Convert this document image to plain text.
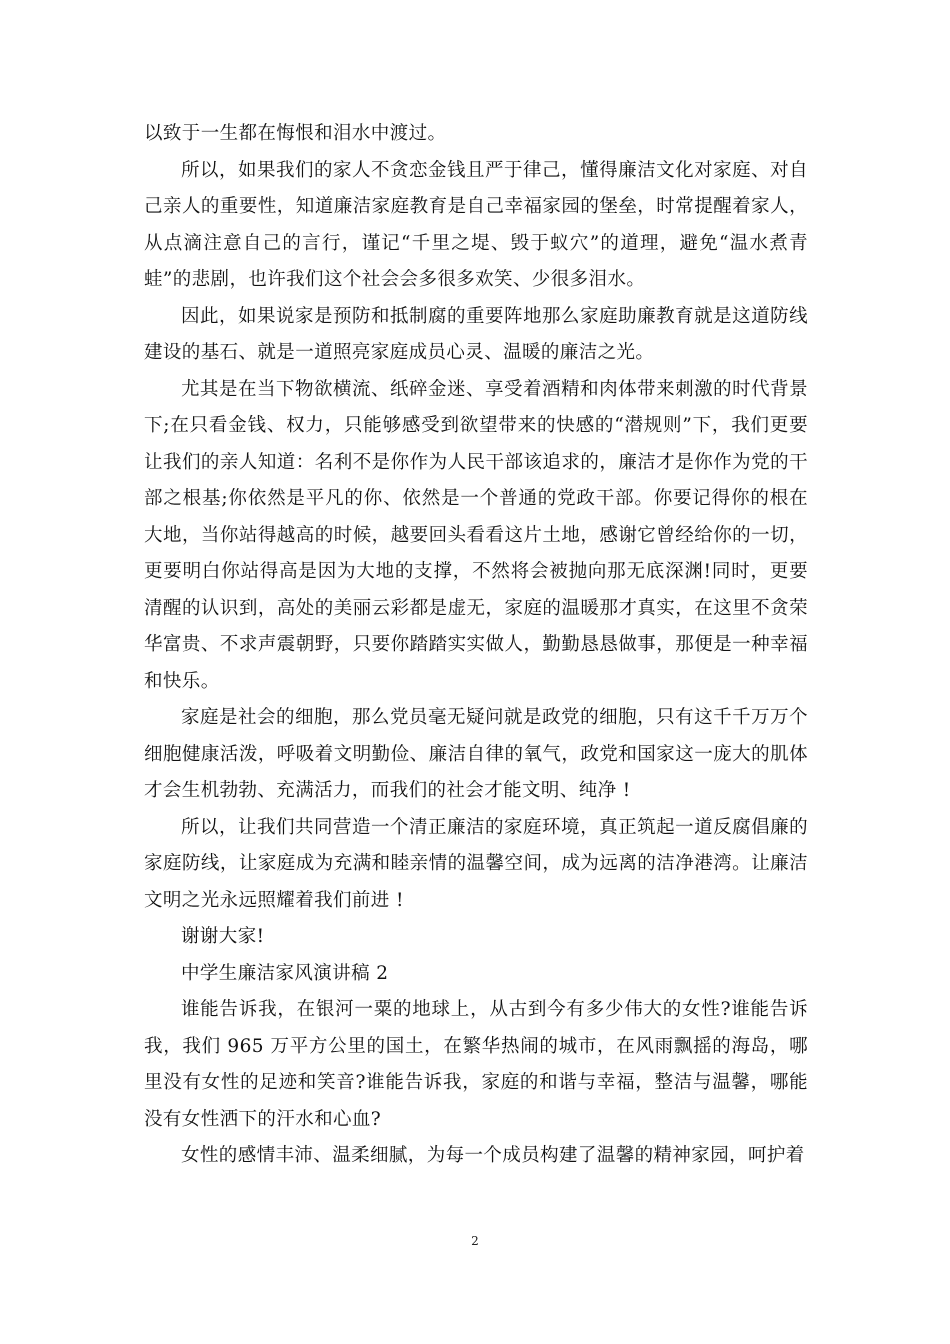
以致于一生都在悔恨和泪水中渡过。

所以，如果我们的家人不贪恋金钱且严于律己，懂得廉洁文化对家庭、对自己亲人的重要性，知道廉洁家庭教育是自己幸福家园的堡垒，时常提醒着家人，从点滴注意自己的言行，谨记“千里之堤、毁于蚁穴”的道理，避免“温水煮青蛙”的悲剧，也许我们这个社会会多很多欢笑、少很多泪水。

因此，如果说家是预防和抵制腐的重要阵地那么家庭助廉教育就是这道防线建设的基石、就是一道照亮家庭成员心灵、温暖的廉洁之光。

尤其是在当下物欲横流、纸碎金迷、享受着酒精和肉体带来刺激的时代背景下;在只看金钱、权力，只能够感受到欲望带来的快感的“潜规则”下，我们更要让我们的亲人知道：名利不是你作为人民干部该追求的，廉洁才是你作为党的干部之根基;你依然是平凡的你、依然是一个普通的党政干部。你要记得你的根在大地，当你站得越高的时候，越要回头看看这片土地，感谢它曾经给你的一切，更要明白你站得高是因为大地的支撑，不然将会被抛向那无底深渊!同时，更要清醒的认识到，高处的美丽云彩都是虚无，家庭的温暖那才真实，在这里不贪荣华富贵、不求声震朝野，只要你踏踏实实做人，勤勤恳恳做事，那便是一种幸福和快乐。

家庭是社会的细胞，那么党员毫无疑问就是政党的细胞，只有这千千万万个细胞健康活泼，呼吸着文明勤俭、廉洁自律的氧气，政党和国家这一庞大的肌体才会生机勃勃、充满活力，而我们的社会才能文明、纯净 !

所以，让我们共同营造一个清正廉洁的家庭环境，真正筑起一道反腐倡廉的家庭防线，让家庭成为充满和睦亲情的温馨空间，成为远离的洁净港湾。让廉洁文明之光永远照耀着我们前进 !

谢谢大家!

中学生廉洁家风演讲稿 2

谁能告诉我，在银河一粟的地球上，从古到今有多少伟大的女性?谁能告诉我，我们 965 万平方公里的国土，在繁华热闹的城市，在风雨飘摇的海岛，哪里没有女性的足迹和笑音?谁能告诉我，家庭的和谐与幸福，整洁与温馨，哪能没有女性洒下的汗水和心血?

女性的感情丰沛、温柔细腻，为每一个成员构建了温馨的精神家园，呵护着

2
